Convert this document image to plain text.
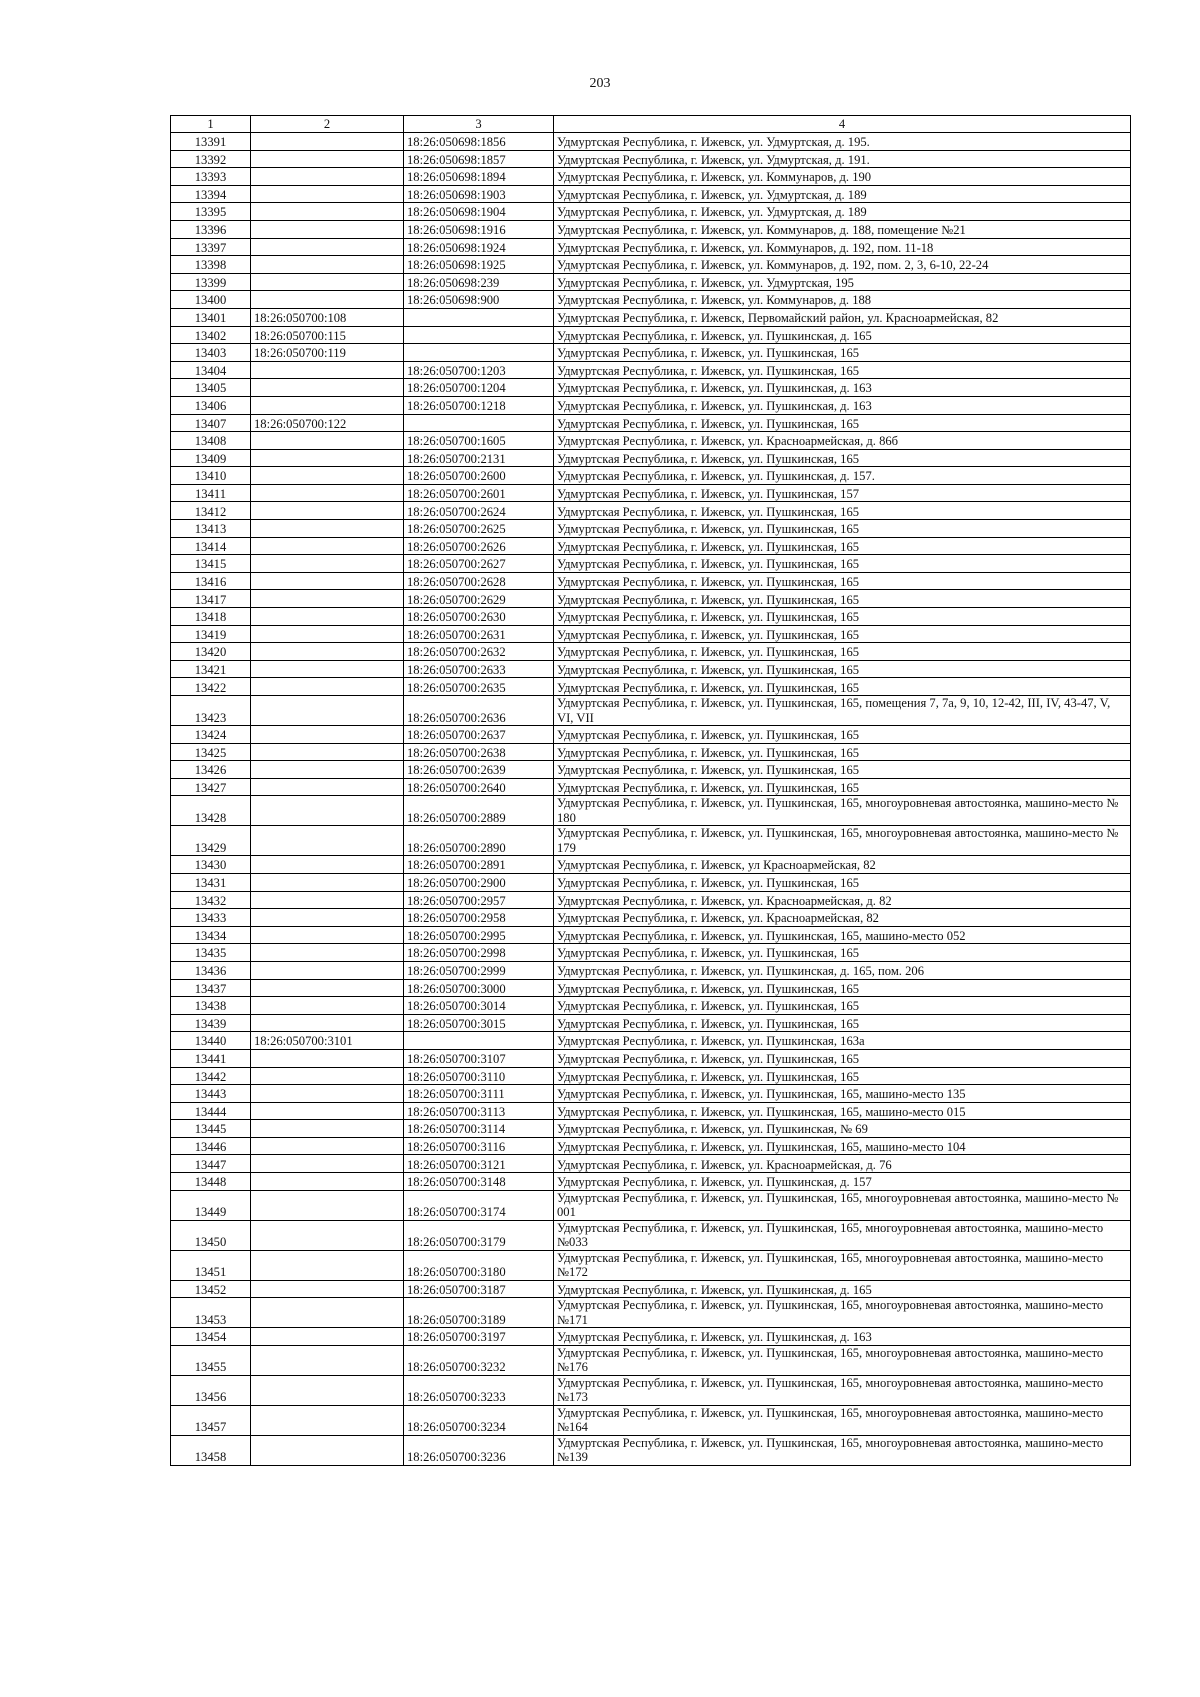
203
1	2	3	4
13391		18:26:050698:1856	Удмуртская Республика, г. Ижевск, ул. Удмуртская, д. 195.
13392		18:26:050698:1857	Удмуртская Республика, г. Ижевск, ул. Удмуртская, д. 191.
13393		18:26:050698:1894	Удмуртская Республика, г. Ижевск, ул. Коммунаров, д. 190
13394		18:26:050698:1903	Удмуртская Республика, г. Ижевск, ул. Удмуртская, д. 189
13395		18:26:050698:1904	Удмуртская Республика, г. Ижевск, ул. Удмуртская, д. 189
13396		18:26:050698:1916	Удмуртская Республика, г. Ижевск, ул. Коммунаров, д. 188, помещение №21
13397		18:26:050698:1924	Удмуртская Республика, г. Ижевск, ул. Коммунаров, д. 192, пом. 11-18
13398		18:26:050698:1925	Удмуртская Республика, г. Ижевск, ул. Коммунаров, д. 192, пом. 2, 3, 6-10, 22-24
13399		18:26:050698:239	Удмуртская Республика, г. Ижевск, ул. Удмуртская, 195
13400		18:26:050698:900	Удмуртская Республика, г. Ижевск, ул. Коммунаров, д. 188
13401	18:26:050700:108		Удмуртская Республика, г. Ижевск, Первомайский район, ул. Красноармейская, 82
13402	18:26:050700:115		Удмуртская Республика, г. Ижевск, ул. Пушкинская, д. 165
13403	18:26:050700:119		Удмуртская Республика, г. Ижевск, ул. Пушкинская, 165
13404		18:26:050700:1203	Удмуртская Республика, г. Ижевск, ул. Пушкинская, 165
13405		18:26:050700:1204	Удмуртская Республика, г. Ижевск, ул. Пушкинская, д. 163
13406		18:26:050700:1218	Удмуртская Республика, г. Ижевск, ул. Пушкинская, д. 163
13407	18:26:050700:122		Удмуртская Республика, г. Ижевск, ул. Пушкинская, 165
13408		18:26:050700:1605	Удмуртская Республика, г. Ижевск, ул. Красноармейская, д. 86б
13409		18:26:050700:2131	Удмуртская Республика, г. Ижевск, ул. Пушкинская, 165
13410		18:26:050700:2600	Удмуртская Республика, г. Ижевск, ул. Пушкинская, д. 157.
13411		18:26:050700:2601	Удмуртская Республика, г. Ижевск, ул. Пушкинская, 157
13412		18:26:050700:2624	Удмуртская Республика, г. Ижевск, ул. Пушкинская, 165
13413		18:26:050700:2625	Удмуртская Республика, г. Ижевск, ул. Пушкинская, 165
13414		18:26:050700:2626	Удмуртская Республика, г. Ижевск, ул. Пушкинская, 165
13415		18:26:050700:2627	Удмуртская Республика, г. Ижевск, ул. Пушкинская, 165
13416		18:26:050700:2628	Удмуртская Республика, г. Ижевск, ул. Пушкинская, 165
13417		18:26:050700:2629	Удмуртская Республика, г. Ижевск, ул. Пушкинская, 165
13418		18:26:050700:2630	Удмуртская Республика, г. Ижевск, ул. Пушкинская, 165
13419		18:26:050700:2631	Удмуртская Республика, г. Ижевск, ул. Пушкинская, 165
13420		18:26:050700:2632	Удмуртская Республика, г. Ижевск, ул. Пушкинская, 165
13421		18:26:050700:2633	Удмуртская Республика, г. Ижевск, ул. Пушкинская, 165
13422		18:26:050700:2635	Удмуртская Республика, г. Ижевск, ул. Пушкинская, 165
13423		18:26:050700:2636	Удмуртская Республика, г. Ижевск, ул. Пушкинская, 165, помещения 7, 7а, 9, 10, 12-42, III, IV, 43-47, V, VI, VII
13424		18:26:050700:2637	Удмуртская Республика, г. Ижевск, ул. Пушкинская, 165
13425		18:26:050700:2638	Удмуртская Республика, г. Ижевск, ул. Пушкинская, 165
13426		18:26:050700:2639	Удмуртская Республика, г. Ижевск, ул. Пушкинская, 165
13427		18:26:050700:2640	Удмуртская Республика, г. Ижевск, ул. Пушкинская, 165
13428		18:26:050700:2889	Удмуртская Республика, г. Ижевск, ул. Пушкинская, 165, многоуровневая автостоянка, машино-место № 180
13429		18:26:050700:2890	Удмуртская Республика, г. Ижевск, ул. Пушкинская, 165, многоуровневая автостоянка, машино-место № 179
13430		18:26:050700:2891	Удмуртская Республика, г. Ижевск, ул Красноармейская, 82
13431		18:26:050700:2900	Удмуртская Республика, г. Ижевск, ул. Пушкинская, 165
13432		18:26:050700:2957	Удмуртская Республика, г. Ижевск, ул. Красноармейская, д. 82
13433		18:26:050700:2958	Удмуртская Республика, г. Ижевск, ул. Красноармейская, 82
13434		18:26:050700:2995	Удмуртская Республика, г. Ижевск, ул. Пушкинская, 165, машино-место 052
13435		18:26:050700:2998	Удмуртская Республика, г. Ижевск, ул. Пушкинская, 165
13436		18:26:050700:2999	Удмуртская Республика, г. Ижевск, ул. Пушкинская, д. 165, пом. 206
13437		18:26:050700:3000	Удмуртская Республика, г. Ижевск, ул. Пушкинская, 165
13438		18:26:050700:3014	Удмуртская Республика, г. Ижевск, ул. Пушкинская, 165
13439		18:26:050700:3015	Удмуртская Республика, г. Ижевск, ул. Пушкинская, 165
13440	18:26:050700:3101		Удмуртская Республика, г. Ижевск, ул. Пушкинская, 163а
13441		18:26:050700:3107	Удмуртская Республика, г. Ижевск, ул. Пушкинская, 165
13442		18:26:050700:3110	Удмуртская Республика, г. Ижевск, ул. Пушкинская, 165
13443		18:26:050700:3111	Удмуртская Республика, г. Ижевск, ул. Пушкинская, 165, машино-место 135
13444		18:26:050700:3113	Удмуртская Республика, г. Ижевск, ул. Пушкинская, 165, машино-место 015
13445		18:26:050700:3114	Удмуртская Республика, г. Ижевск, ул. Пушкинская, № 69
13446		18:26:050700:3116	Удмуртская Республика, г. Ижевск, ул. Пушкинская, 165, машино-место 104
13447		18:26:050700:3121	Удмуртская Республика, г. Ижевск, ул. Красноармейская, д. 76
13448		18:26:050700:3148	Удмуртская Республика, г. Ижевск, ул. Пушкинская, д. 157
13449		18:26:050700:3174	Удмуртская Республика, г. Ижевск, ул. Пушкинская, 165, многоуровневая автостоянка, машино-место № 001
13450		18:26:050700:3179	Удмуртская Республика, г. Ижевск, ул. Пушкинская, 165, многоуровневая автостоянка, машино-место №033
13451		18:26:050700:3180	Удмуртская Республика, г. Ижевск, ул. Пушкинская, 165, многоуровневая автостоянка, машино-место №172
13452		18:26:050700:3187	Удмуртская Республика, г. Ижевск, ул. Пушкинская, д. 165
13453		18:26:050700:3189	Удмуртская Республика, г. Ижевск, ул. Пушкинская, 165, многоуровневая автостоянка, машино-место №171
13454		18:26:050700:3197	Удмуртская Республика, г. Ижевск, ул. Пушкинская, д. 163
13455		18:26:050700:3232	Удмуртская Республика, г. Ижевск, ул. Пушкинская, 165, многоуровневая автостоянка, машино-место №176
13456		18:26:050700:3233	Удмуртская Республика, г. Ижевск, ул. Пушкинская, 165, многоуровневая автостоянка, машино-место №173
13457		18:26:050700:3234	Удмуртская Республика, г. Ижевск, ул. Пушкинская, 165, многоуровневая автостоянка, машино-место №164
13458		18:26:050700:3236	Удмуртская Республика, г. Ижевск, ул. Пушкинская, 165, многоуровневая автостоянка, машино-место №139
